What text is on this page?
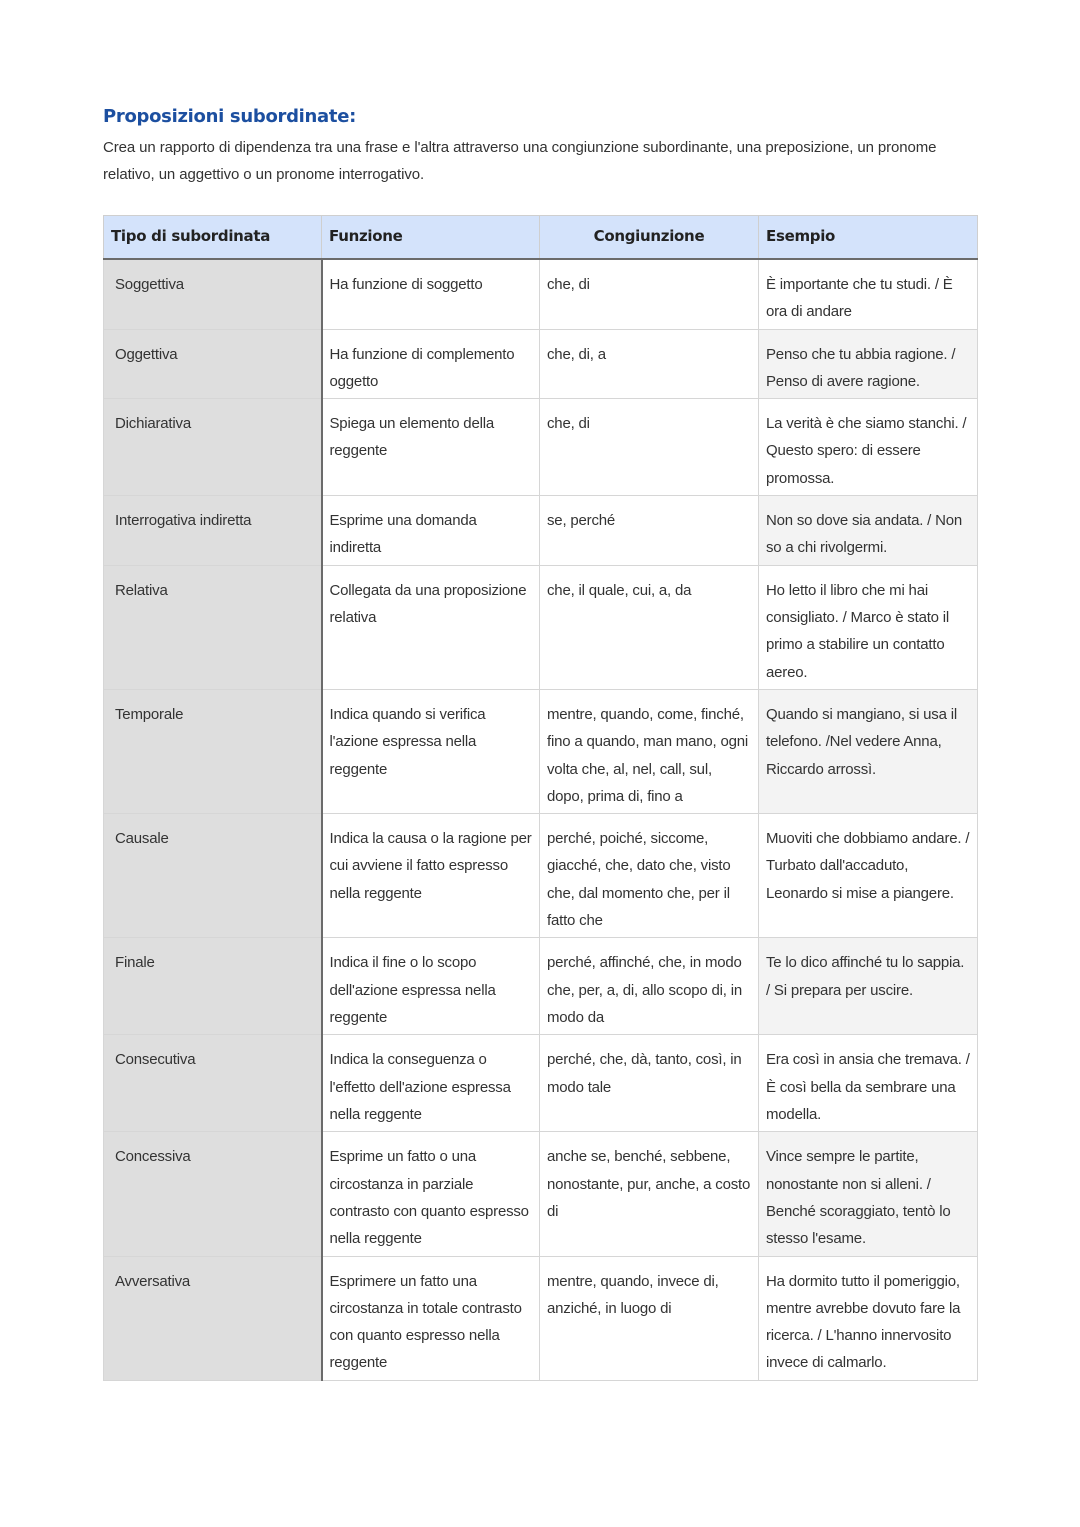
Proposizioni subordinate:

Crea un rapporto di dipendenza tra una frase e l'altra attraverso una congiunzione subordinante, una preposizione, un pronome relativo, un aggettivo o un pronome interrogativo.

Tipo di subordinata	Funzione	Congiunzione	Esempio
Soggettiva	Ha funzione di soggetto	che, di	È importante che tu studi. / È ora di andare
Oggettiva	Ha funzione di complemento oggetto	che, di, a	Penso che tu abbia ragione. / Penso di avere ragione.
Dichiarativa	Spiega un elemento della reggente	che, di	La verità è che siamo stanchi. / Questo spero: di essere promossa.
Interrogativa indiretta	Esprime una domanda indiretta	se, perché	Non so dove sia andata. / Non so a chi rivolgermi.
Relativa	Collegata da una proposizione relativa	che, il quale, cui, a, da	Ho letto il libro che mi hai consigliato. / Marco è stato il primo a stabilire un contatto aereo.
Temporale	Indica quando si verifica l'azione espressa nella reggente	mentre, quando, come, finché, fino a quando, man mano, ogni volta che, al, nel, call, sul, dopo, prima di, fino a	Quando si mangiano, si usa il telefono. /Nel vedere Anna, Riccardo arrossì.
Causale	Indica la causa o la ragione per cui avviene il fatto espresso nella reggente	perché, poiché, siccome, giacché, che, dato che, visto che, dal momento che, per il fatto che	Muoviti che dobbiamo andare. / Turbato dall'accaduto, Leonardo si mise a piangere.
Finale	Indica il fine o lo scopo dell'azione espressa nella reggente	perché, affinché, che, in modo che, per, a, di, allo scopo di, in modo da	Te lo dico affinché tu lo sappia. / Si prepara per uscire.
Consecutiva	Indica la conseguenza o l'effetto dell'azione espressa nella reggente	perché, che, dà, tanto, così, in modo tale	Era così in ansia che tremava. / È così bella da sembrare una modella.
Concessiva	Esprime un fatto o una circostanza in parziale contrasto con quanto espresso nella reggente	anche se, benché, sebbene, nonostante, pur, anche, a costo di	Vince sempre le partite, nonostante non si alleni. / Benché scoraggiato, tentò lo stesso l'esame.
Avversativa	Esprimere un fatto una circostanza in totale contrasto con quanto espresso nella reggente	mentre, quando, invece di, anziché, in luogo di	Ha dormito tutto il pomeriggio, mentre avrebbe dovuto fare la ricerca. / L'hanno innervosito invece di calmarlo.
